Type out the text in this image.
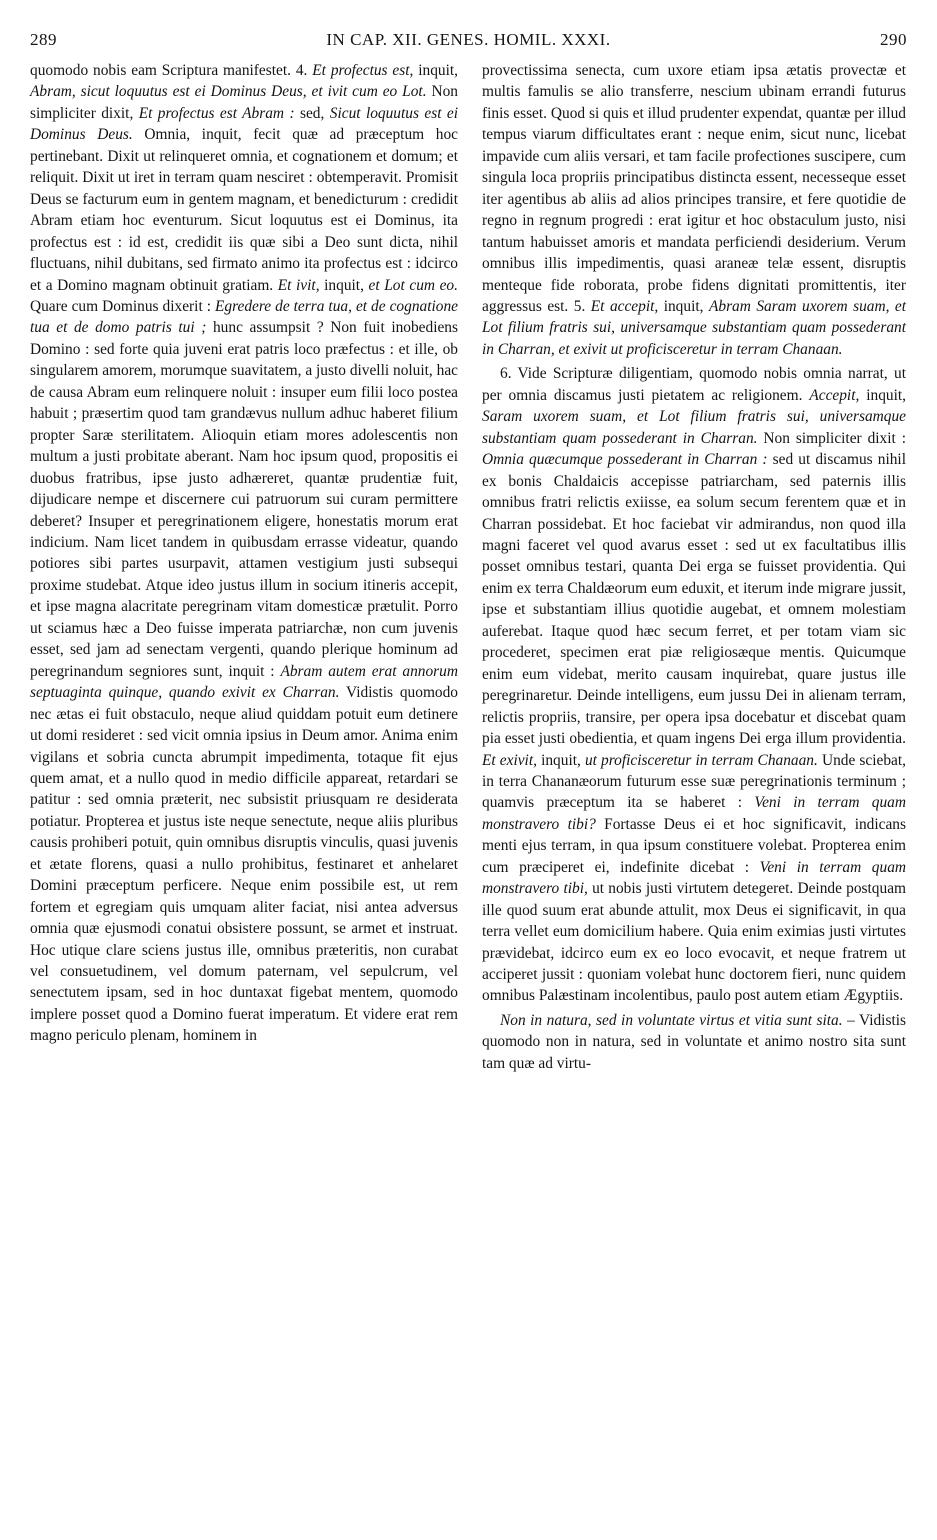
289	IN CAP. XII. GENES. HOMIL. XXXI.	290

quomodo nobis eam Scriptura manifestet. 4. Et profectus est, inquit, Abram, sicut loquutus est ei Dominus Deus, et ivit cum eo Lot. Non simpliciter dixit, Et profectus est Abram : sed, Sicut loquutus est ei Dominus Deus. Omnia, inquit, fecit quæ ad præceptum hoc pertinebant. Dixit ut relinqueret omnia, et cognationem et domum; et reliquit. Dixit ut iret in terram quam nesciret : obtemperavit. Promisit Deus se facturum eum in gentem magnam, et benedicturum : credidit Abram etiam hoc eventurum. Sicut loquutus est ei Dominus, ita profectus est : id est, credidit iis quæ sibi a Deo sunt dicta, nihil fluctuans, nihil dubitans, sed firmato animo ita profectus est : idcirco et a Domino magnam obtinuit gratiam. Et ivit, inquit, et Lot cum eo. Quare cum Dominus dixerit : Egredere de terra tua, et de cognatione tua et de domo patris tui ; hunc assumpsit ? Non fuit inobediens Domino : sed forte quia juveni erat patris loco præfectus : et ille, ob singularem amorem, morumque suavitatem, a justo divelli noluit, hac de causa Abram eum relinquere noluit : insuper eum filii loco postea habuit ; præsertim quod tam grandævus nullum adhuc haberet filium propter Saræ sterilitatem. Alioquin etiam mores adolescentis non multum a justi probitate aberant. Nam hoc ipsum quod, propositis ei duobus fratribus, ipse justo adhæreret, quantæ prudentiæ fuit, dijudicare nempe et discernere cui patruorum sui curam permittere deberet? Insuper et peregrinationem eligere, honestatis morum erat indicium. Nam licet tandem in quibusdam errasse videatur, quando potiores sibi partes usurpavit, attamen vestigium justi subsequi proxime studebat. Atque ideo justus illum in socium itineris accepit, et ipse magna alacritate peregrinam vitam domesticæ prætulit. Porro ut sciamus hæc a Deo fuisse imperata patriarchæ, non cum juvenis esset, sed jam ad senectam vergenti, quando plerique hominum ad peregrinandum segniores sunt, inquit : Abram autem erat annorum septuaginta quinque, quando exivit ex Charran. Vidistis quomodo nec ætas ei fuit obstaculo, neque aliud quiddam potuit eum detinere ut domi resideret : sed vicit omnia ipsius in Deum amor. Anima enim vigilans et sobria cuncta abrumpit impedimenta, totaque fit ejus quem amat, et a nullo quod in medio difficile appareat, retardari se patitur : sed omnia præterit, nec subsistit priusquam re desiderata potiatur. Propterea et justus iste neque senectute, neque aliis pluribus causis prohiberi potuit, quin omnibus disruptis vinculis, quasi juvenis et ætate florens, quasi a nullo prohibitus, festinaret et anhelaret Domini præceptum perficere. Neque enim possibile est, ut rem fortem et egregiam quis umquam aliter faciat, nisi antea adversus omnia quæ ejusmodi conatui obsistere possunt, se armet et instruat. Hoc utique clare sciens justus ille, omnibus præteritis, non curabat vel consuetudinem, vel domum paternam, vel sepulcrum, vel senectutem ipsam, sed in hoc duntaxat figebat mentem, quomodo implere posset quod a Domino fuerat imperatum. Et videre erat rem magno periculo plenam, hominem in

provectissima senecta, cum uxore etiam ipsa ætatis provectæ et multis famulis se alio transferre, nescium ubinam errandi futurus finis esset. Quod si quis et illud prudenter expendat, quantæ per illud tempus viarum difficultates erant : neque enim, sicut nunc, licebat impavide cum aliis versari, et tam facile profectiones suscipere, cum singula loca propriis principatibus distincta essent, necesseque esset iter agentibus ab aliis ad alios principes transire, et fere quotidie de regno in regnum progredi : erat igitur et hoc obstaculum justo, nisi tantum habuisset amoris et mandata perficiendi desiderium. Verum omnibus illis impedimentis, quasi araneæ telæ essent, disruptis menteque fide roborata, probe fidens dignitati promittentis, iter aggressus est. 5. Et accepit, inquit, Abram Saram uxorem suam, et Lot filium fratris sui, universamque substantiam quam possederant in Charran, et exivit ut proficisceretur in terram Chanaan.

6. Vide Scripturæ diligentiam, quomodo nobis omnia narrat, ut per omnia discamus justi pietatem ac religionem. Accepit, inquit, Saram uxorem suam, et Lot filium fratris sui, universamque substantiam quam possederant in Charran. Non simpliciter dixit : Omnia quæcumque possederant in Charran : sed ut discamus nihil ex bonis Chaldaicis accepisse patriarcham, sed paternis illis omnibus fratri relictis exiisse, ea solum secum ferentem quæ et in Charran possidebat. Et hoc faciebat vir admirandus, non quod illa magni faceret vel quod avarus esset : sed ut ex facultatibus illis posset omnibus testari, quanta Dei erga se fuisset providentia. Qui enim ex terra Chaldæorum eum eduxit, et iterum inde migrare jussit, ipse et substantiam illius quotidie augebat, et omnem molestiam auferebat. Itaque quod hæc secum ferret, et per totam viam sic procederet, specimen erat piæ religiosæque mentis. Quicumque enim eum videbat, merito causam inquirebat, quare justus ille peregrinaretur. Deinde intelligens, eum jussu Dei in alienam terram, relictis propriis, transire, per opera ipsa docebatur et discebat quam pia esset justi obedientia, et quam ingens Dei erga illum providentia. Et exivit, inquit, ut proficisceretur in terram Chanaan. Unde sciebat, in terra Chananæorum futurum esse suæ peregrinationis terminum ; quamvis præceptum ita se haberet : Veni in terram quam monstravero tibi? Fortasse Deus ei et hoc significavit, indicans menti ejus terram, in qua ipsum constituere volebat. Propterea enim cum præciperet ei, indefinite dicebat : Veni in terram quam monstravero tibi, ut nobis justi virtutem detegeret. Deinde postquam ille quod suum erat abunde attulit, mox Deus ei significavit, in qua terra vellet eum domicilium habere. Quia enim eximias justi virtutes prævidebat, idcirco eum ex eo loco evocavit, et neque fratrem ut acciperet jussit : quoniam volebat hunc doctorem fieri, nunc quidem omnibus Palæstinam incolentibus, paulo post autem etiam Ægyptiis.

Non in natura, sed in voluntate virtus et vitia sunt sita. – Vidistis quomodo non in natura, sed in voluntate et animo nostro sita sunt tam quæ ad virtu-
